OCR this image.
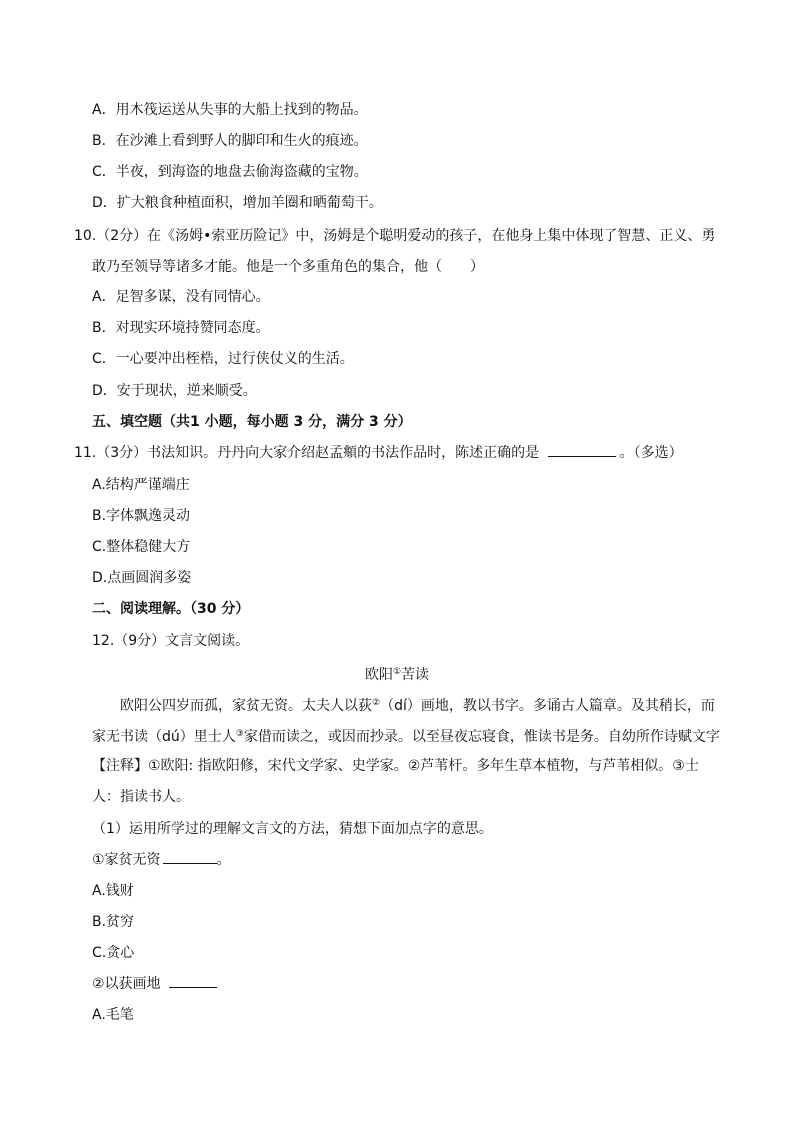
A．用木筏运送从失事的大船上找到的物品。
B．在沙滩上看到野人的脚印和生火的痕迹。
C．半夜，到海盗的地盘去偷海盗藏的宝物。
D．扩大粮食种植面积，增加羊圈和晒葡萄干。
10.（2分）在《汤姆•索亚历险记》中，汤姆是个聪明爱动的孩子，在他身上集中体现了智慧、正义、勇
敢乃至领导等诸多才能。他是一个多重角色的集合，他（　　）
A．足智多谋，没有同情心。
B．对现实环境持赞同态度。
C．一心要冲出桎梏，过行侠仗义的生活。
D．安于现状，逆来顺受。
五、填空题（共1 小题，每小题 3 分，满分 3 分）
11.（3分）书法知识。丹丹向大家介绍赵孟頫的书法作品时，陈述正确的是	。（多选）
A.结构严谨端庄
B.字体飘逸灵动
C.整体稳健大方
D.点画圆润多姿
二、阅读理解。（30 分）
12.（9分）文言文阅读。
欧阳①苦读
欧阳公四岁而孤，家贫无资。太夫人以荻②（dí）画地，教以书字。多诵古人篇章。及其稍长，而
家无书读（dú）里士人③家借而读之，或因而抄录。以至昼夜忘寝食，惟读书是务。自幼所作诗赋文字
【注释】①欧阳: 指欧阳修，宋代文学家、史学家。②芦苇杆。多年生草本植物，与芦苇相似。③士
人：指读书人。
（1）运用所学过的理解文言文的方法，猜想下面加点字的意思。
①家贫无资	。
A.钱财
B.贫穷
C.贪心
②以获画地
A.毛笔
